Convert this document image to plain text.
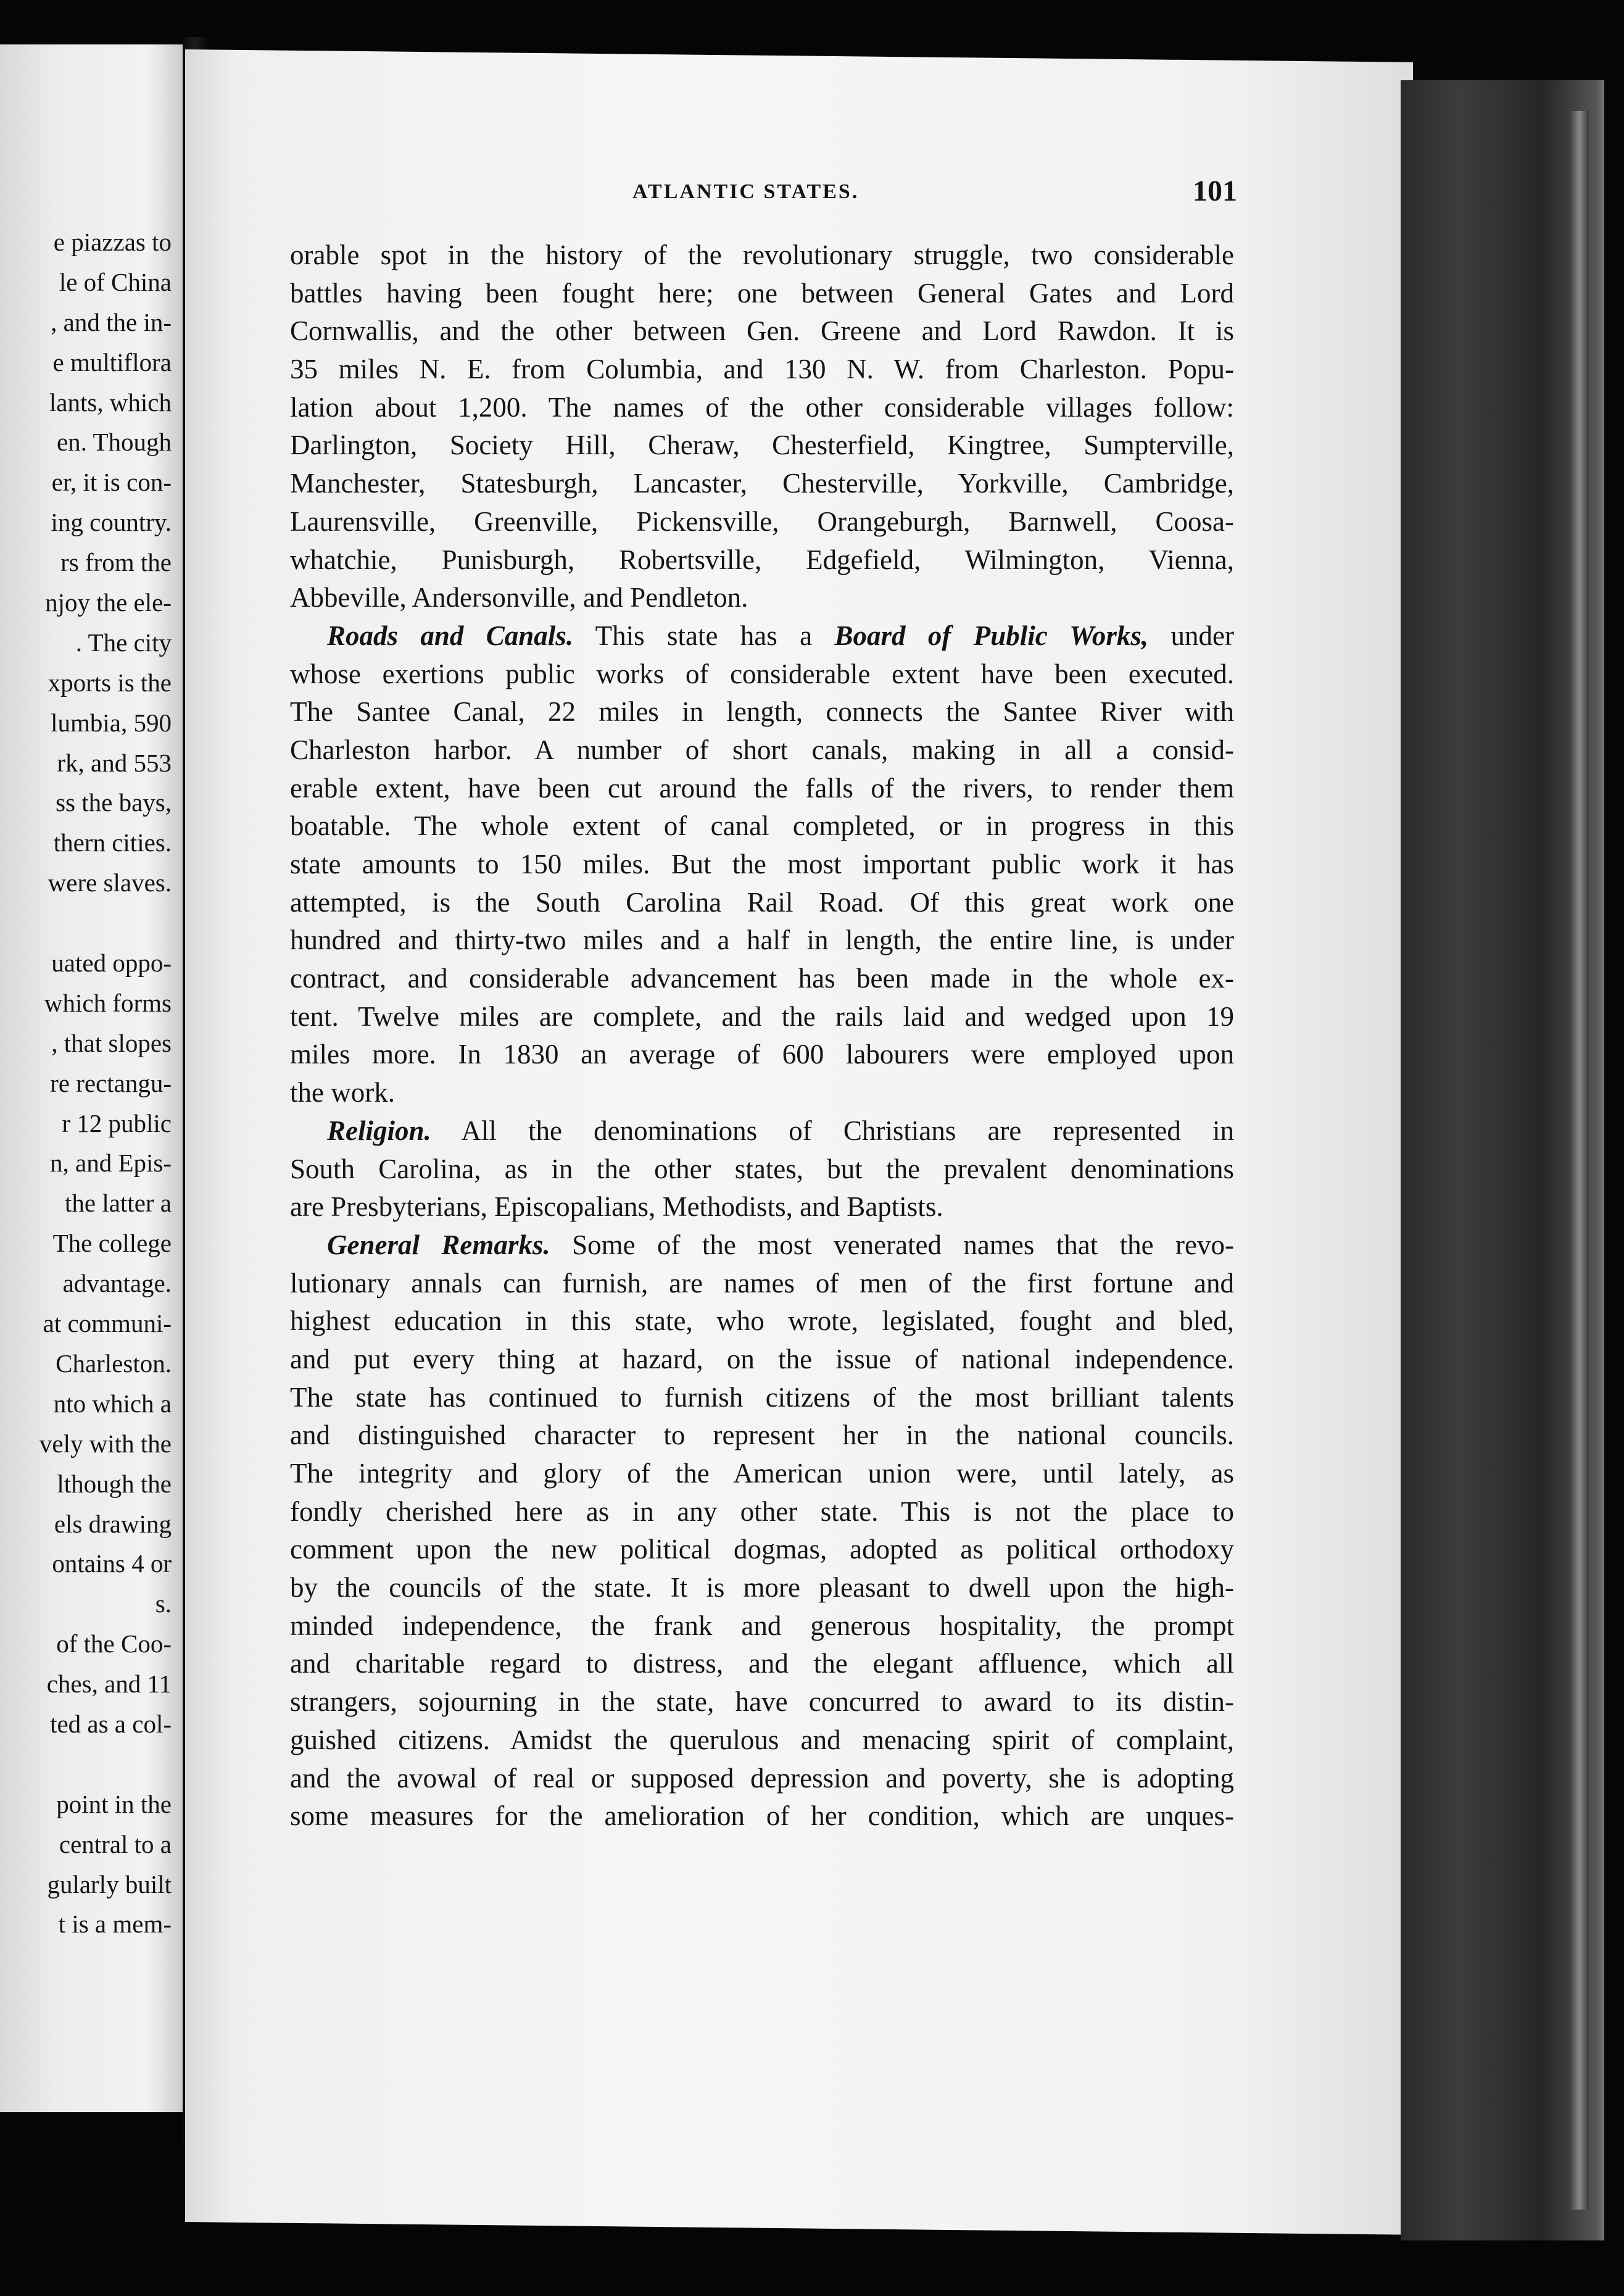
e piazzas to
le of China
, and the in-
e multiflora
lants, which
en. Though
er, it is con-
ing country.
rs from the
njoy the ele-
. The city
xports is the
lumbia, 590
rk, and 553
ss the bays,
thern cities.
were slaves.
uated oppo-
which forms
, that slopes
re rectangu-
r 12 public
n, and Epis-
the latter a
The college
advantage.
at communi-
Charleston.
nto which a
vely with the
lthough the
els drawing
ontains 4 or
s.
of the Coo-
ches, and 11
ted as a col-
point in the
central to a
gularly built
t is a mem-
ATLANTIC STATES.	101
orable spot in the history of the revolutionary struggle, two considerable
battles having been fought here; one between General Gates and Lord
Cornwallis, and the other between Gen. Greene and Lord Rawdon. It is
35 miles N. E. from Columbia, and 130 N. W. from Charleston. Popu-
lation about 1,200. The names of the other considerable villages follow:
Darlington, Society Hill, Cheraw, Chesterfield, Kingtree, Sumpterville,
Manchester, Statesburgh, Lancaster, Chesterville, Yorkville, Cambridge,
Laurensville, Greenville, Pickensville, Orangeburgh, Barnwell, Coosa-
whatchie, Punisburgh, Robertsville, Edgefield, Wilmington, Vienna,
Abbeville, Andersonville, and Pendleton.
Roads and Canals. This state has a Board of Public Works, under
whose exertions public works of considerable extent have been executed.
The Santee Canal, 22 miles in length, connects the Santee River with
Charleston harbor. A number of short canals, making in all a consid-
erable extent, have been cut around the falls of the rivers, to render them
boatable. The whole extent of canal completed, or in progress in this
state amounts to 150 miles. But the most important public work it has
attempted, is the South Carolina Rail Road. Of this great work one
hundred and thirty-two miles and a half in length, the entire line, is under
contract, and considerable advancement has been made in the whole ex-
tent. Twelve miles are complete, and the rails laid and wedged upon 19
miles more. In 1830 an average of 600 labourers were employed upon
the work.
Religion. All the denominations of Christians are represented in
South Carolina, as in the other states, but the prevalent denominations
are Presbyterians, Episcopalians, Methodists, and Baptists.
General Remarks. Some of the most venerated names that the revo-
lutionary annals can furnish, are names of men of the first fortune and
highest education in this state, who wrote, legislated, fought and bled,
and put every thing at hazard, on the issue of national independence.
The state has continued to furnish citizens of the most brilliant talents
and distinguished character to represent her in the national councils.
The integrity and glory of the American union were, until lately, as
fondly cherished here as in any other state. This is not the place to
comment upon the new political dogmas, adopted as political orthodoxy
by the councils of the state. It is more pleasant to dwell upon the high-
minded independence, the frank and generous hospitality, the prompt
and charitable regard to distress, and the elegant affluence, which all
strangers, sojourning in the state, have concurred to award to its distin-
guished citizens. Amidst the querulous and menacing spirit of complaint,
and the avowal of real or supposed depression and poverty, she is adopting
some measures for the amelioration of her condition, which are unques-
